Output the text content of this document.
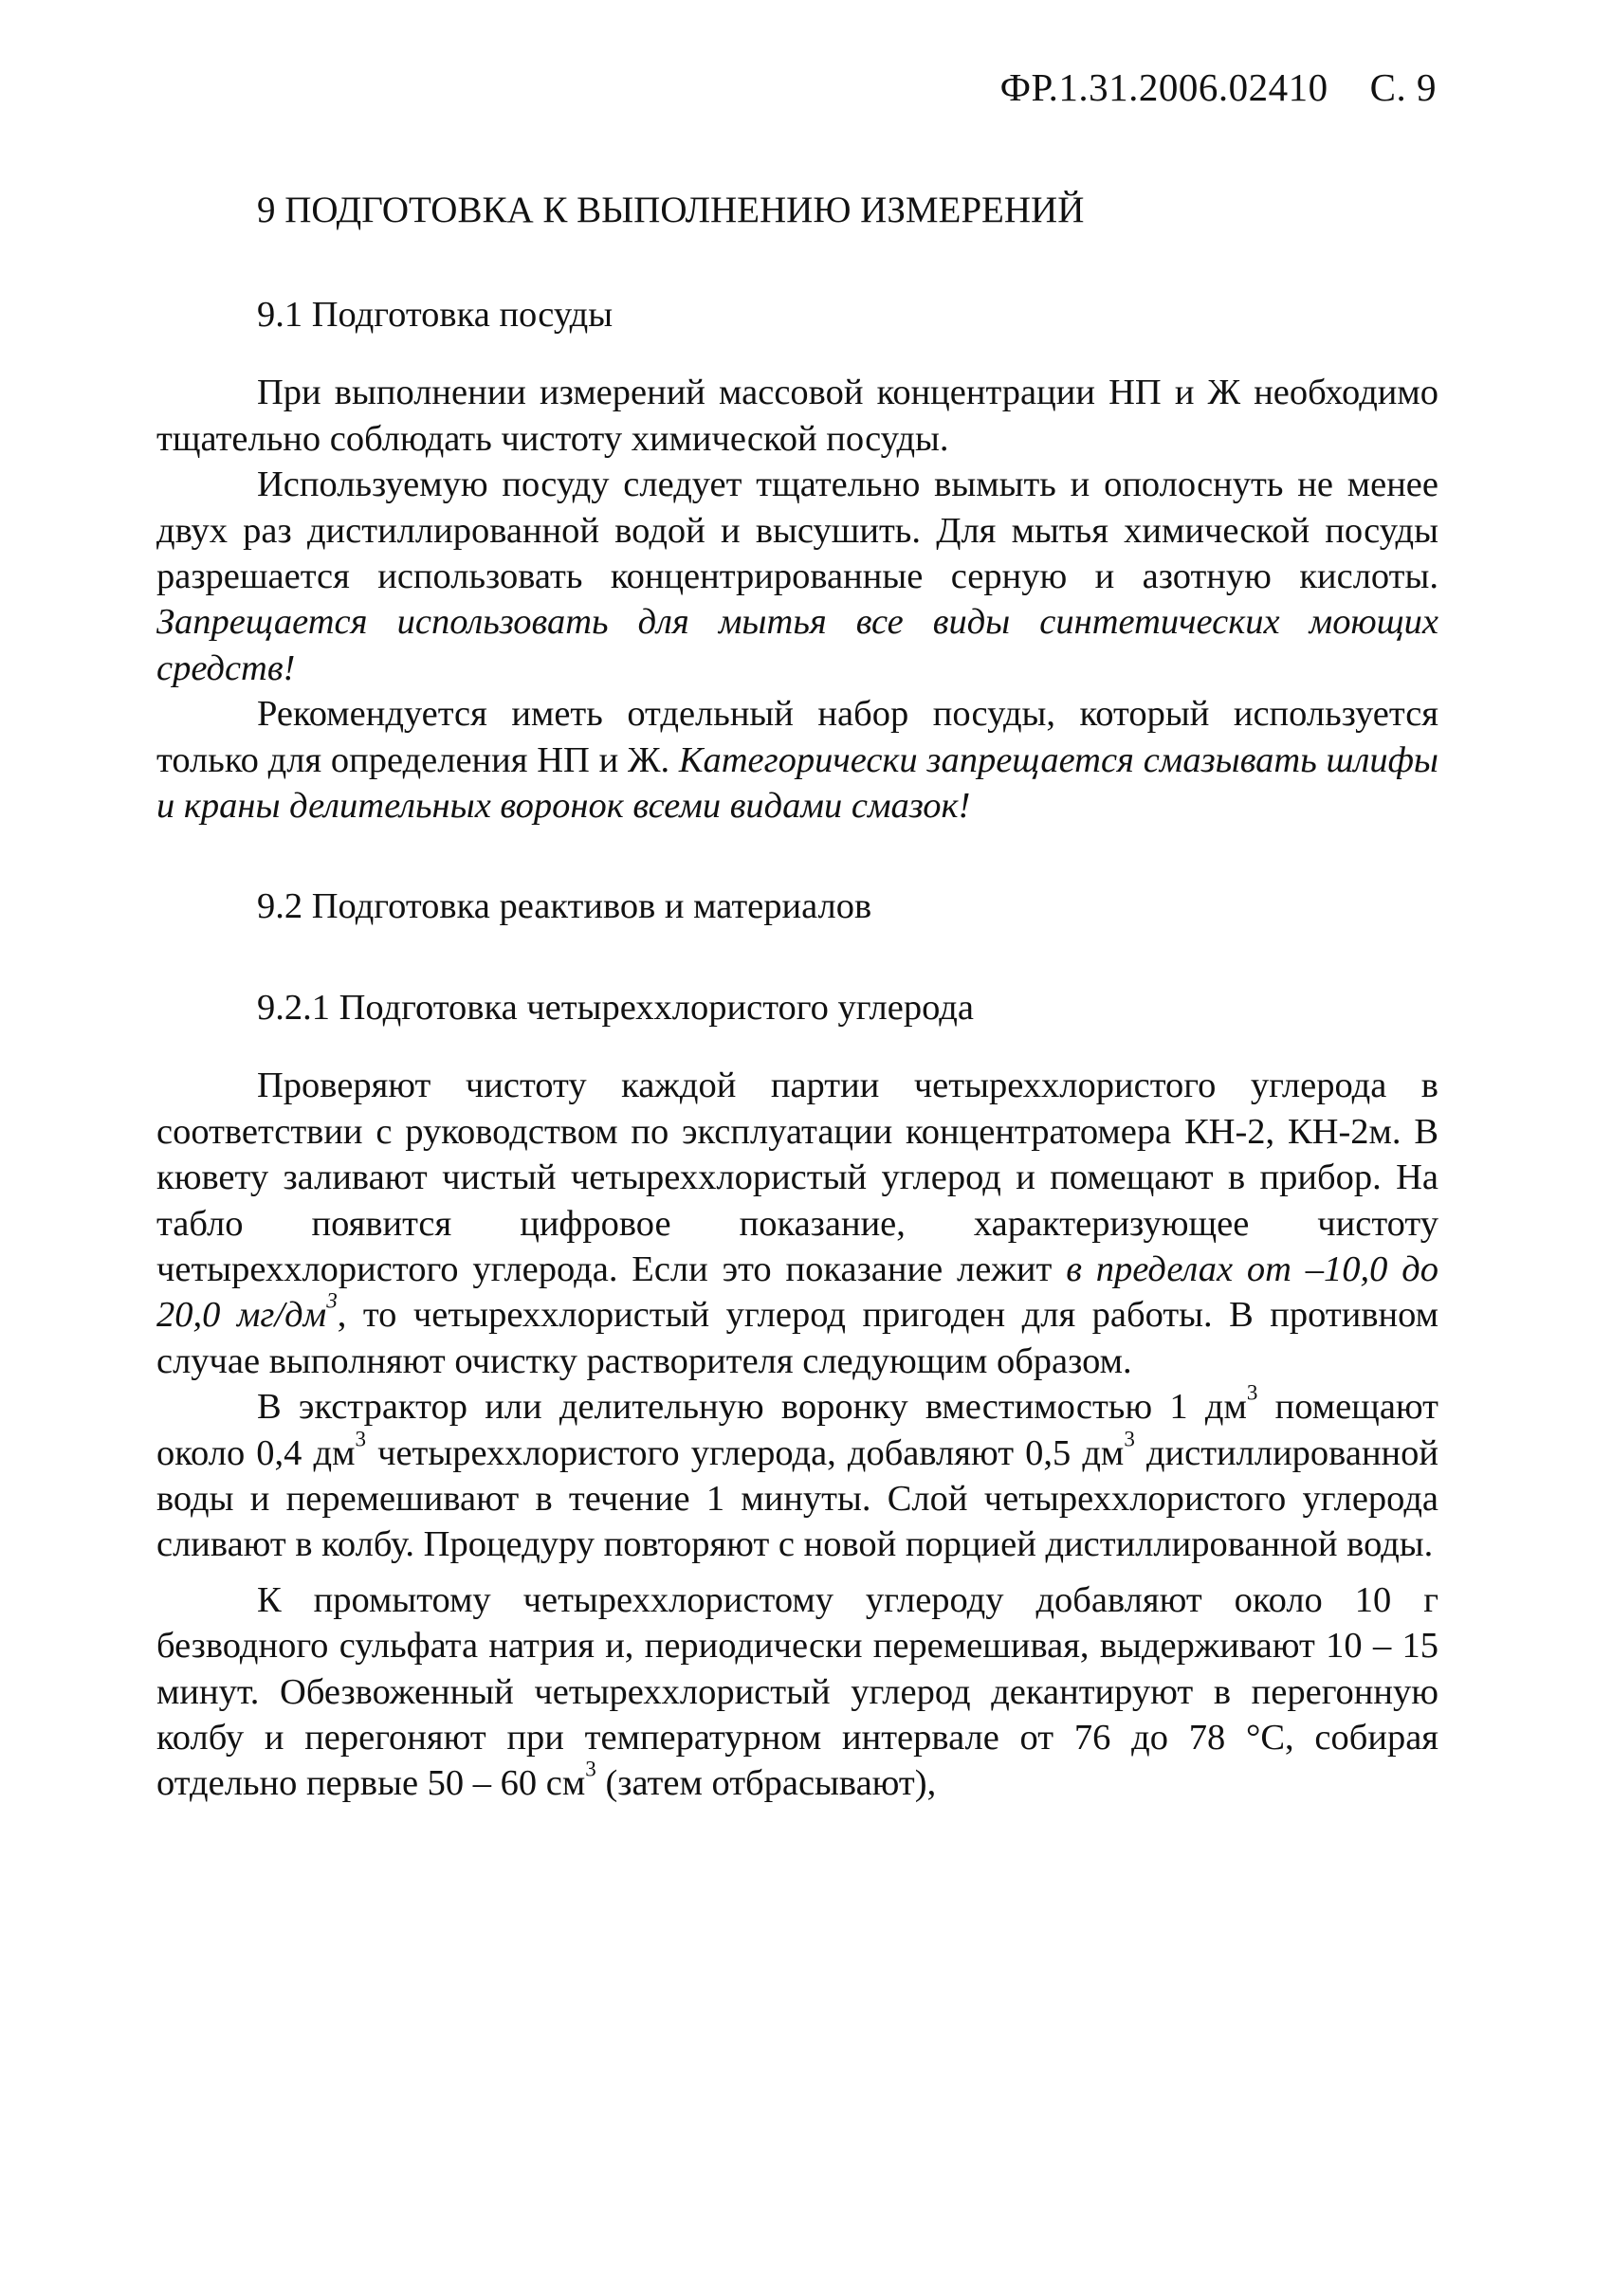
ФР.1.31.2006.02410 С. 9
9 ПОДГОТОВКА К ВЫПОЛНЕНИЮ ИЗМЕРЕНИЙ
9.1 Подготовка посуды

При выполнении измерений массовой концентрации НП и Ж необходимо тщательно соблюдать чистоту химической посуды.

Используемую посуду следует тщательно вымыть и ополоснуть не менее двух раз дистиллированной водой и высушить. Для мытья химической посуды разрешается использовать концентрированные серную и азотную кислоты. Запрещается использовать для мытья все виды синтетических моющих средств!

Рекомендуется иметь отдельный набор посуды, который используется только для определения НП и Ж. Категорически запрещается смазывать шлифы и краны делительных воронок всеми видами смазок!

9.2 Подготовка реактивов и материалов
9.2.1 Подготовка четыреххлористого углерода

Проверяют чистоту каждой партии четыреххлористого углерода в соответствии с руководством по эксплуатации концентратомера КН-2, КН-2м. В кювету заливают чистый четыреххлористый углерод и помещают в прибор. На табло появится цифровое показание, характеризующее чистоту четыреххлористого углерода. Если это показание лежит в пределах от –10,0 до 20,0 $мг/дм^3$, то четыреххлористый углерод пригоден для работы. В противном случае выполняют очистку растворителя следующим образом.

В экстрактор или делительную воронку вместимостью 1 $дм^3$ помещают около 0,4 $дм^3$ четыреххлористого углерода, добавляют 0,5 $дм^3$ дистиллированной воды и перемешивают в течение 1 минуты. Слой четыреххлористого углерода сливают в колбу. Процедуру повторяют с новой порцией дистиллированной воды.

К промытому четыреххлористому углероду добавляют около 10 г безводного сульфата натрия и, периодически перемешивая, выдерживают 10 – 15 минут. Обезвоженный четыреххлористый углерод декантируют в перегонную колбу и перегоняют при температурном интервале от 76 до 78 °С, собирая отдельно первые 50 – 60 $см^3$ (затем отбрасывают),
